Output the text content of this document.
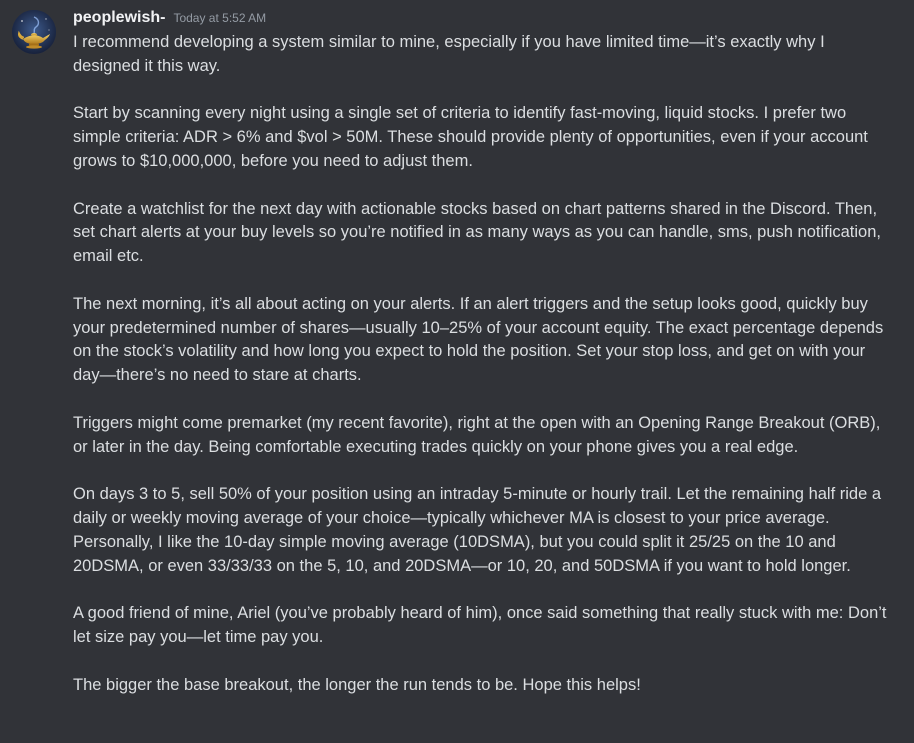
peoplewish- Today at 5:52 AM

I recommend developing a system similar to mine, especially if you have limited time—it’s exactly why I designed it this way.

Start by scanning every night using a single set of criteria to identify fast-moving, liquid stocks. I prefer two simple criteria: ADR > 6% and $vol > 50M. These should provide plenty of opportunities, even if your account grows to $10,000,000, before you need to adjust them.

Create a watchlist for the next day with actionable stocks based on chart patterns shared in the Discord. Then, set chart alerts at your buy levels so you’re notified in as many ways as you can handle, sms, push notification, email etc.

The next morning, it’s all about acting on your alerts. If an alert triggers and the setup looks good, quickly buy your predetermined number of shares—usually 10–25% of your account equity. The exact percentage depends on the stock’s volatility and how long you expect to hold the position. Set your stop loss, and get on with your day—there’s no need to stare at charts.

Triggers might come premarket (my recent favorite), right at the open with an Opening Range Breakout (ORB), or later in the day. Being comfortable executing trades quickly on your phone gives you a real edge.

On days 3 to 5, sell 50% of your position using an intraday 5-minute or hourly trail. Let the remaining half ride a daily or weekly moving average of your choice—typically whichever MA is closest to your price average. Personally, I like the 10-day simple moving average (10DSMA), but you could split it 25/25 on the 10 and 20DSMA, or even 33/33/33 on the 5, 10, and 20DSMA—or 10, 20, and 50DSMA if you want to hold longer.

A good friend of mine, Ariel (you’ve probably heard of him), once said something that really stuck with me: Don’t let size pay you—let time pay you.

The bigger the base breakout, the longer the run tends to be. Hope this helps!
